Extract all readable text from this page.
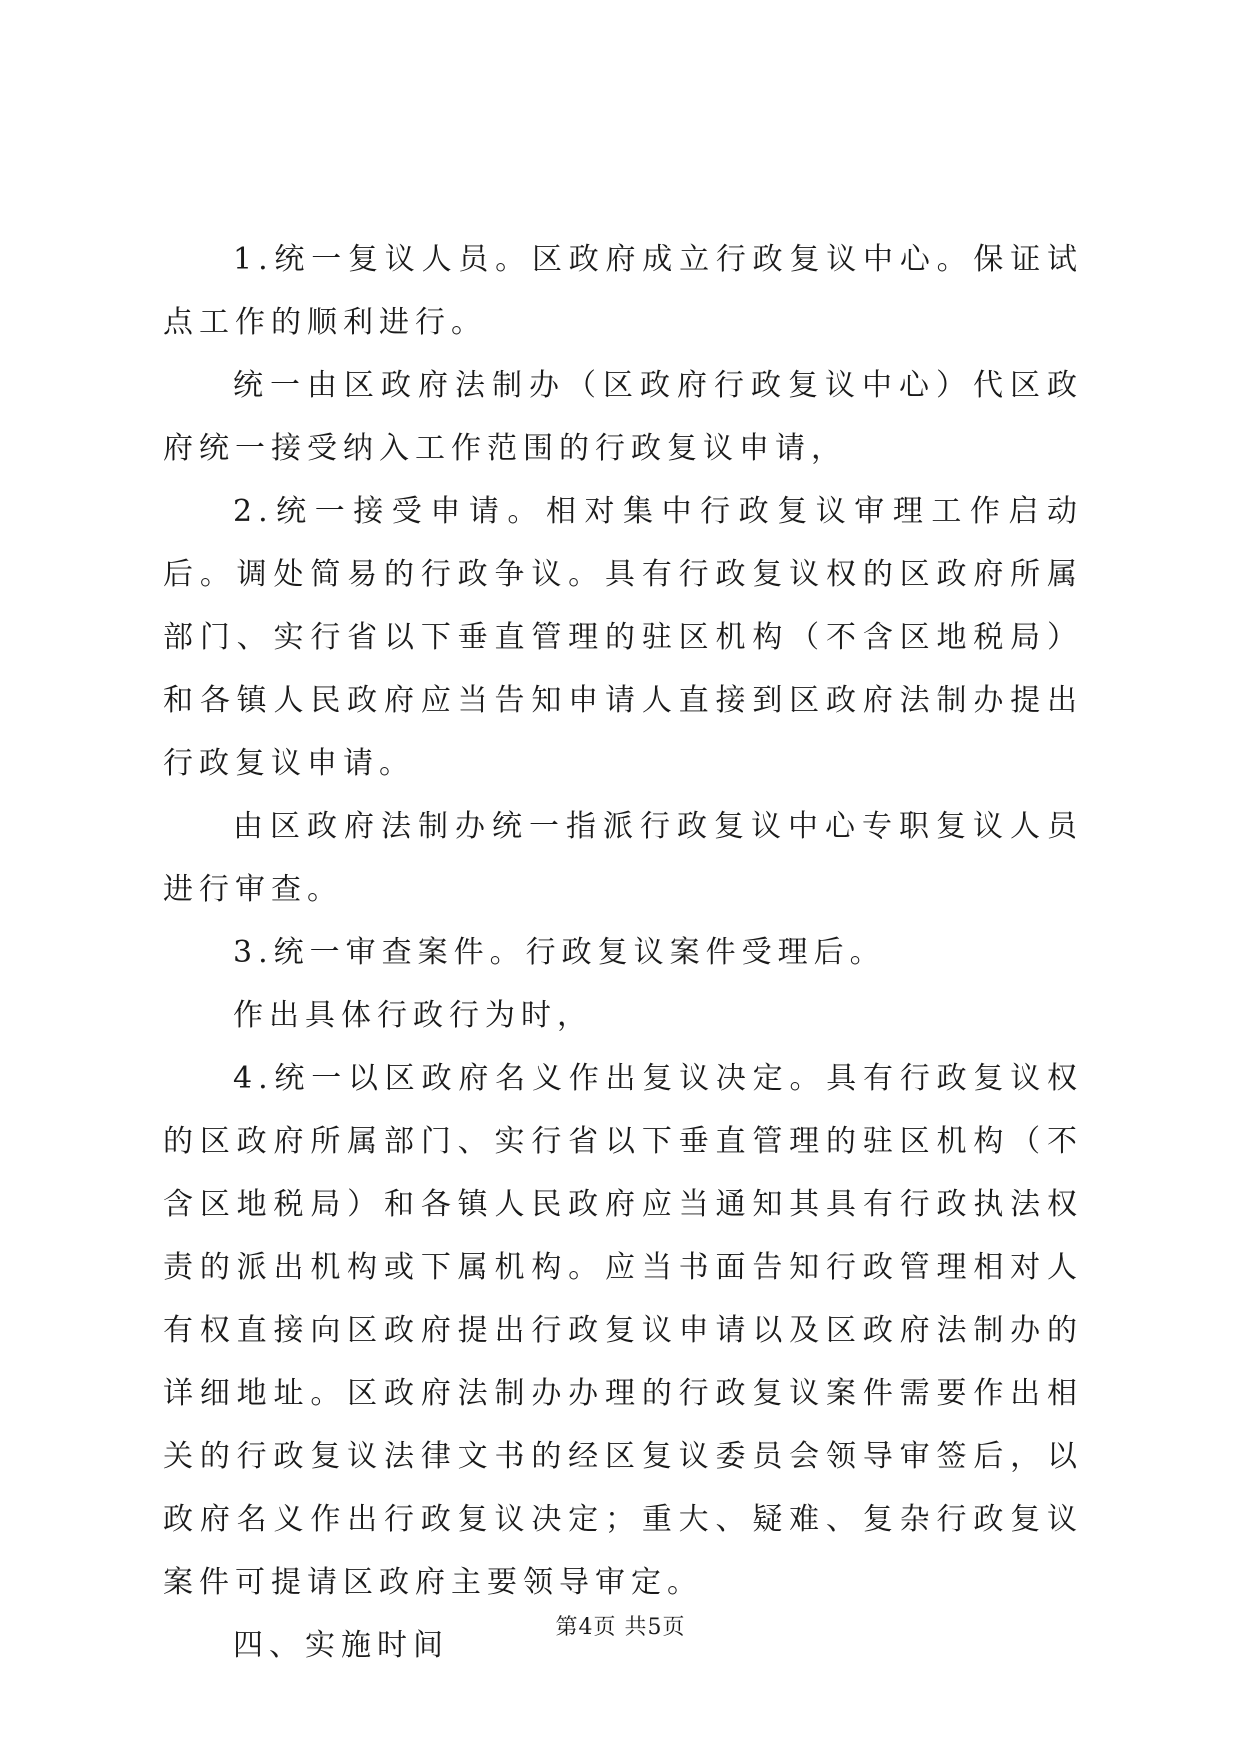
1.统一复议人员。区政府成立行政复议中心。保证试点工作的顺利进行。

统一由区政府法制办（区政府行政复议中心）代区政府统一接受纳入工作范围的行政复议申请，

2.统一接受申请。相对集中行政复议审理工作启动后。调处简易的行政争议。具有行政复议权的区政府所属部门、实行省以下垂直管理的驻区机构（不含区地税局）和各镇人民政府应当告知申请人直接到区政府法制办提出行政复议申请。

由区政府法制办统一指派行政复议中心专职复议人员进行审查。

3.统一审查案件。行政复议案件受理后。

作出具体行政行为时，

4.统一以区政府名义作出复议决定。具有行政复议权的区政府所属部门、实行省以下垂直管理的驻区机构（不含区地税局）和各镇人民政府应当通知其具有行政执法权责的派出机构或下属机构。应当书面告知行政管理相对人有权直接向区政府提出行政复议申请以及区政府法制办的详细地址。区政府法制办办理的行政复议案件需要作出相关的行政复议法律文书的经区复议委员会领导审签后，以政府名义作出行政复议决定；重大、疑难、复杂行政复议案件可提请区政府主要领导审定。

四、实施时间

第4页 共5页
